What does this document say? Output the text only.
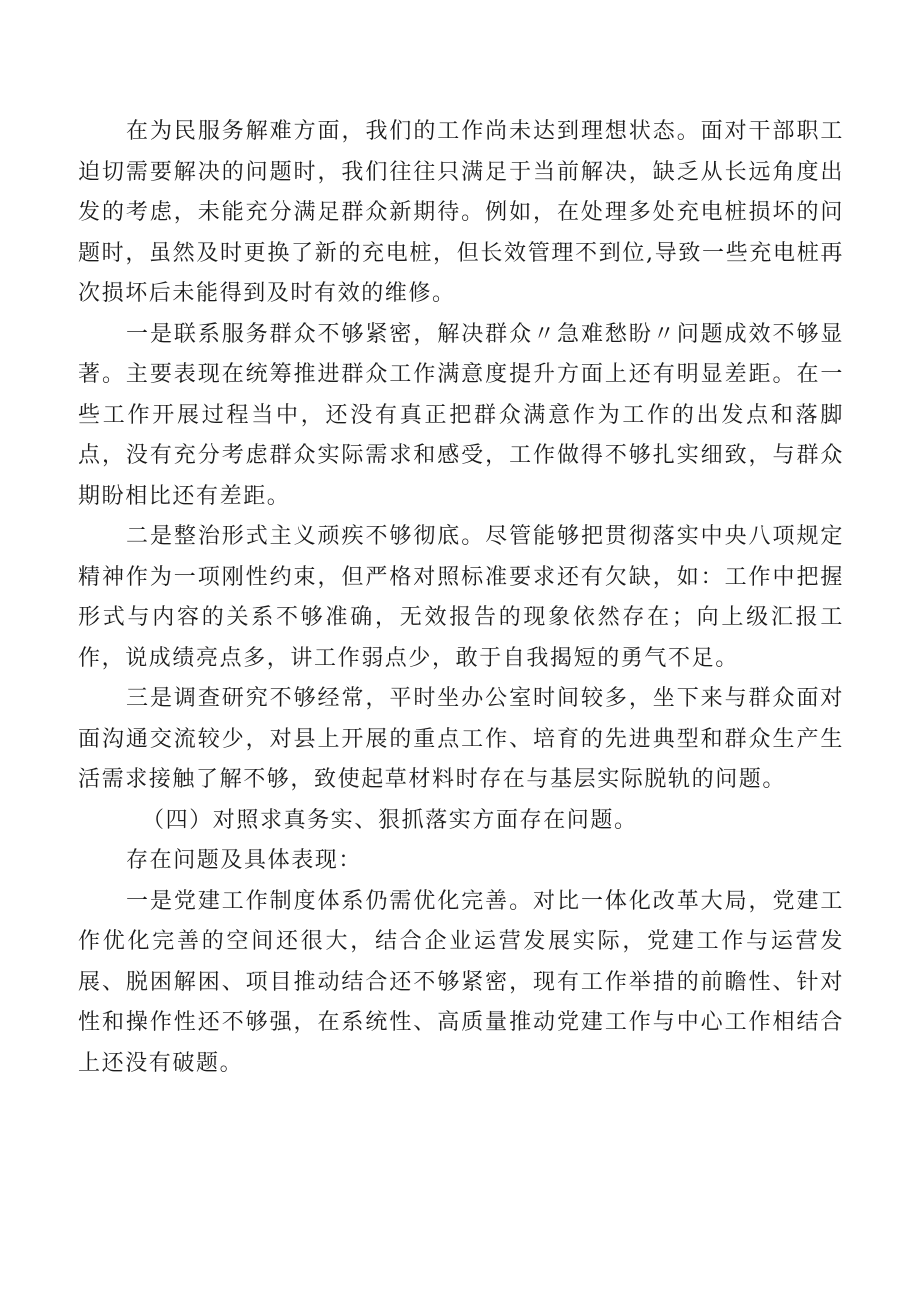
在为民服务解难方面，我们的工作尚未达到理想状态。面对干部职工迫切需要解决的问题时，我们往往只满足于当前解决，缺乏从长远角度出发的考虑，未能充分满足群众新期待。例如，在处理多处充电桩损坏的问题时，虽然及时更换了新的充电桩，但长效管理不到位,导致一些充电桩再次损坏后未能得到及时有效的维修。

一是联系服务群众不够紧密，解决群众〃急难愁盼〃问题成效不够显著。主要表现在统筹推进群众工作满意度提升方面上还有明显差距。在一些工作开展过程当中，还没有真正把群众满意作为工作的出发点和落脚点，没有充分考虑群众实际需求和感受，工作做得不够扎实细致，与群众期盼相比还有差距。

二是整治形式主义顽疾不够彻底。尽管能够把贯彻落实中央八项规定精神作为一项刚性约束，但严格对照标准要求还有欠缺，如：工作中把握形式与内容的关系不够准确，无效报告的现象依然存在；向上级汇报工作，说成绩亮点多，讲工作弱点少，敢于自我揭短的勇气不足。

三是调查研究不够经常，平时坐办公室时间较多，坐下来与群众面对面沟通交流较少，对县上开展的重点工作、培育的先进典型和群众生产生活需求接触了解不够，致使起草材料时存在与基层实际脱轨的问题。

（四）对照求真务实、狠抓落实方面存在问题。

存在问题及具体表现：

一是党建工作制度体系仍需优化完善。对比一体化改革大局，党建工作优化完善的空间还很大，结合企业运营发展实际，党建工作与运营发展、脱困解困、项目推动结合还不够紧密，现有工作举措的前瞻性、针对性和操作性还不够强，在系统性、高质量推动党建工作与中心工作相结合上还没有破题。
